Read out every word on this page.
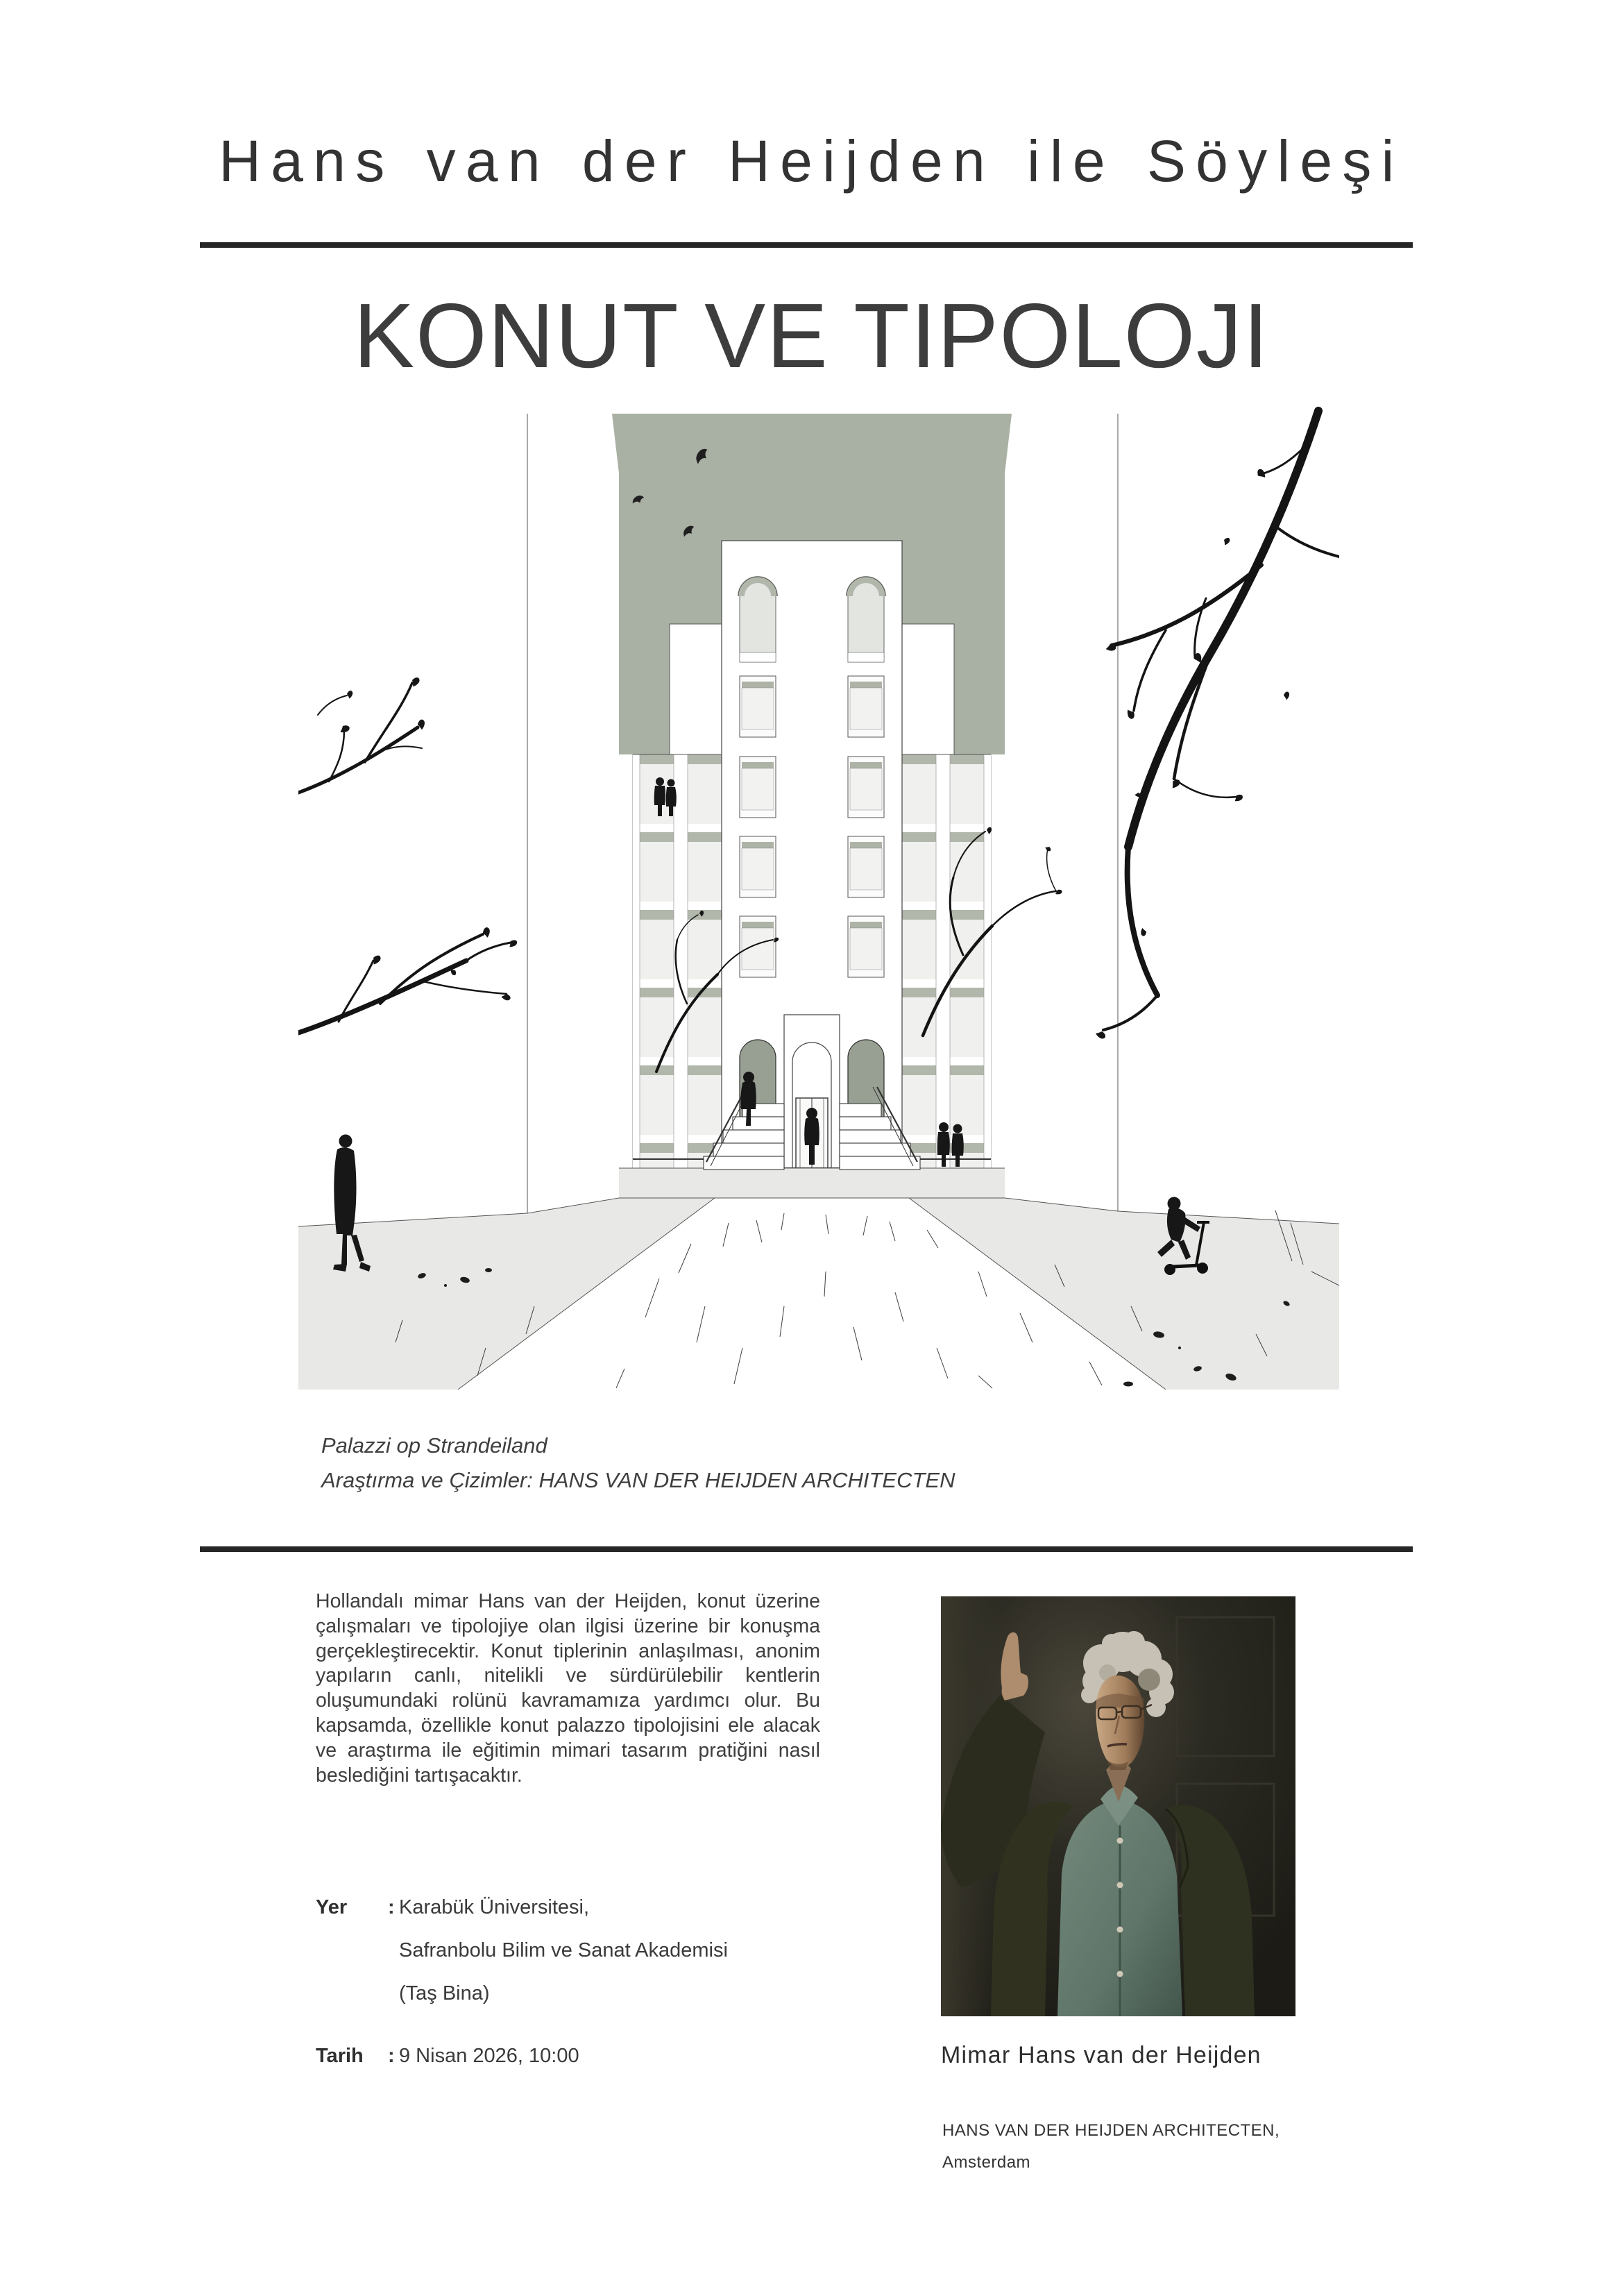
Hans van der Heijden ile Söyleşi
KONUT VE TIPOLOJI
Palazzi op Strandeiland
Araştırma ve Çizimler: HANS VAN DER HEIJDEN ARCHITECTEN

Hollandalı mimar Hans van der Heijden, konut üzerine çalışmaları ve tipolojiye olan ilgisi üzerine bir konuşma gerçekleştirecektir. Konut tiplerinin anlaşılması, anonim yapıların canlı, nitelikli ve sürdürülebilir kentlerin oluşumundaki rolünü kavramamıza yardımcı olur. Bu kapsamda, özellikle konut palazzo tipolojisini ele alacak ve araştırma ile eğitimin mimari tasarım pratiğini nasıl beslediğini tartışacaktır.

Yer : Karabük Üniversitesi,
Safranbolu Bilim ve Sanat Akademisi
(Taş Bina)
Tarih : 9 Nisan 2026, 10:00	Mimar Hans van der Heijden
HANS VAN DER HEIJDEN ARCHITECTEN,
Amsterdam
